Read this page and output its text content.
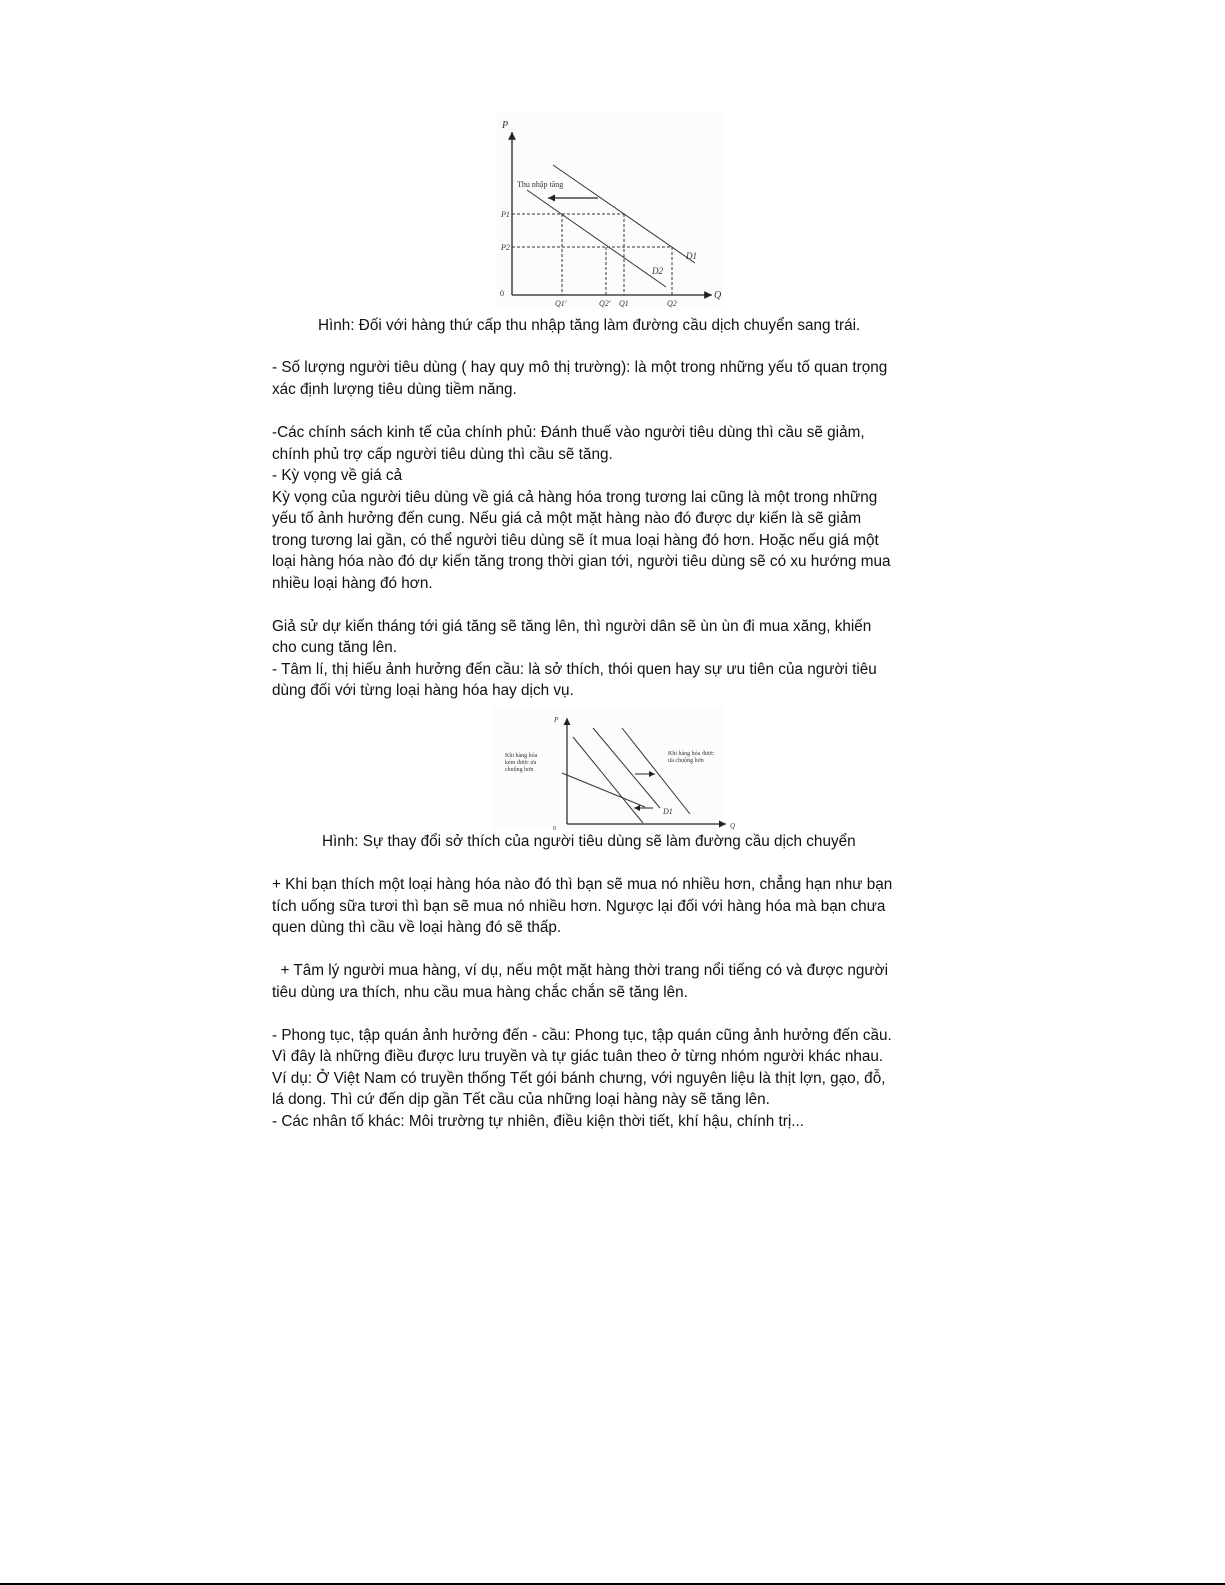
P
Q
0
Thu nhập tăng
P1
P2
Q1'	Q2' Q1	Q2
D1
D2
Hình: Đối với hàng thứ cấp thu nhập tăng làm đường cầu dịch chuyển sang trái.
- Số lượng người tiêu dùng ( hay quy mô thị trường): là một trong những yếu tố quan trọng
xác định lượng tiêu dùng tiềm năng.
-Các chính sách kinh tế của chính phủ: Đánh thuế vào người tiêu dùng thì cầu sẽ giảm,
chính phủ trợ cấp người tiêu dùng thì cầu sẽ tăng.
- Kỳ vọng về giá cả
Kỳ vọng của người tiêu dùng về giá cả hàng hóa trong tương lai cũng là một trong những
yếu tố ảnh hưởng đến cung. Nếu giá cả một mặt hàng nào đó được dự kiến là sẽ giảm
trong tương lai gần, có thể người tiêu dùng sẽ ít mua loại hàng đó hơn. Hoặc nếu giá một
loại hàng hóa nào đó dự kiến tăng trong thời gian tới, người tiêu dùng sẽ có xu hướng mua
nhiều loại hàng đó hơn.
Giả sử dự kiến tháng tới giá tăng sẽ tăng lên, thì người dân sẽ ùn ùn đi mua xăng, khiến
cho cung tăng lên.
- Tâm lí, thị hiếu ảnh hưởng đến cầu: là sở thích, thói quen hay sự ưu tiên của người tiêu
dùng đối với từng loại hàng hóa hay dịch vụ.
P
Q
0
D1
Khi hàng hóa
kém được ưa
chuộng hơn
Khi hàng hóa được
ưa chuộng hơn
Hình: Sự thay đổi sở thích của người tiêu dùng sẽ làm đường cầu dịch chuyển
+ Khi bạn thích một loại hàng hóa nào đó thì bạn sẽ mua nó nhiều hơn, chẳng hạn như bạn
tích uống sữa tươi thì bạn sẽ mua nó nhiều hơn. Ngược lại đối với hàng hóa mà bạn chưa
quen dùng thì cầu về loại hàng đó sẽ thấp.
+ Tâm lý người mua hàng, ví dụ, nếu một mặt hàng thời trang nổi tiếng có và được người
tiêu dùng ưa thích, nhu cầu mua hàng chắc chắn sẽ tăng lên.
- Phong tục, tập quán ảnh hưởng đến - cầu: Phong tục, tập quán cũng ảnh hưởng đến cầu.
Vì đây là những điều được lưu truyền và tự giác tuân theo ở từng nhóm người khác nhau.
Ví dụ: Ở Việt Nam có truyền thống Tết gói bánh chưng, với nguyên liệu là thịt lợn, gạo, đỗ,
lá dong. Thì cứ đến dịp gần Tết cầu của những loại hàng này sẽ tăng lên.
- Các nhân tố khác: Môi trường tự nhiên, điều kiện thời tiết, khí hậu, chính trị...
